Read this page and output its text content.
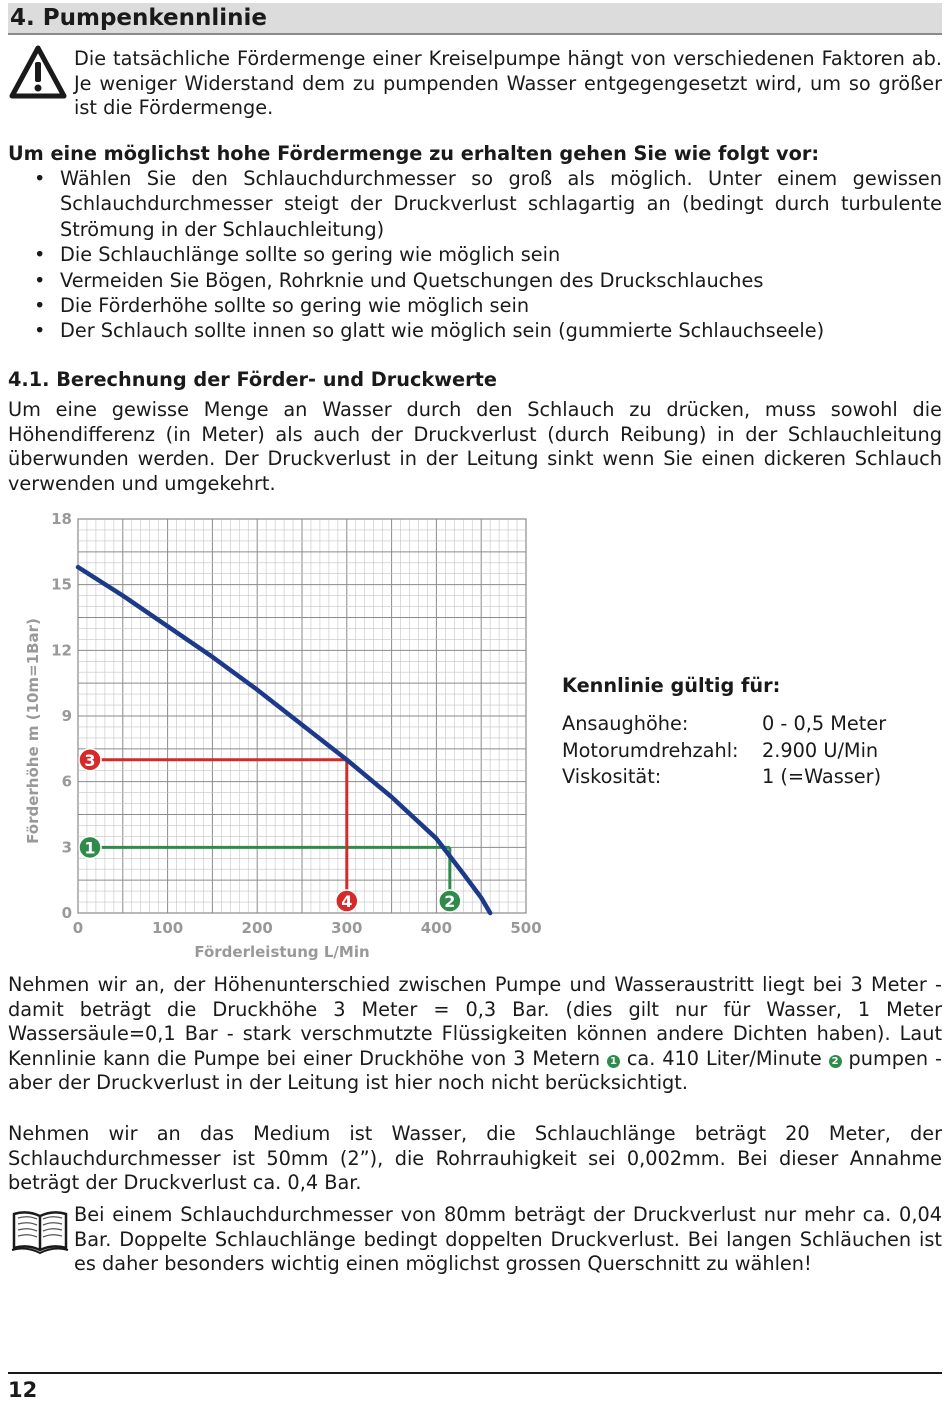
4. Pumpenkennlinie
Die tatsächliche Fördermenge einer Kreiselpumpe hängt von verschiedenen Faktoren ab. Je weniger Widerstand dem zu pumpenden Wasser entgegengesetzt wird, um so größer ist die Fördermenge.
Um eine möglichst hohe Fördermenge zu erhalten gehen Sie wie folgt vor:
• Wählen Sie den Schlauchdurchmesser so groß als möglich. Unter einem gewissen Schlauchdurchmesser steigt der Druckverlust schlagartig an (bedingt durch turbulente Strömung in der Schlauchleitung)
• Die Schlauchlänge sollte so gering wie möglich sein
• Vermeiden Sie Bögen, Rohrknie und Quetschungen des Druckschlauches
• Die Förderhöhe sollte so gering wie möglich sein
• Der Schlauch sollte innen so glatt wie möglich sein (gummierte Schlauchseele)
4.1. Berechnung der Förder- und Druckwerte
Um eine gewisse Menge an Wasser durch den Schlauch zu drücken, muss sowohl die Höhendifferenz (in Meter) als auch der Druckverlust (durch Reibung) in der Schlauchleitung überwunden werden. Der Druckverlust in der Leitung sinkt wenn Sie einen dickeren Schlauch verwenden und umgekehrt.
0
3
6
9
12
15
18
0	100	200	300	400	500
Förderleistung L/Min
Förderhöhe m (10m=1Bar)
1
2
3
4
Kennlinie gültig für:
Ansaughöhe:	0 - 0,5 Meter
Motorumdrehzahl: 2.900 U/Min
Viskosität:	1 (=Wasser)
Nehmen wir an, der Höhenunterschied zwischen Pumpe und Wasseraustritt liegt bei 3 Meter - damit beträgt die Druckhöhe 3 Meter = 0,3 Bar. (dies gilt nur für Wasser, 1 Meter Wassersäule=0,1 Bar - stark verschmutzte Flüssigkeiten können andere Dichten haben). Laut Kennlinie kann die Pumpe bei einer Druckhöhe von 3 Metern 1 ca. 410 Liter/Minute 2 pumpen - aber der Druckverlust in der Leitung ist hier noch nicht berücksichtigt.
Nehmen wir an das Medium ist Wasser, die Schlauchlänge beträgt 20 Meter, der Schlauchdurchmesser ist 50mm (2”), die Rohrrauhigkeit sei 0,002mm. Bei dieser Annahme beträgt der Druckverlust ca. 0,4 Bar.
Bei einem Schlauchdurchmesser von 80mm beträgt der Druckverlust nur mehr ca. 0,04 Bar. Doppelte Schlauchlänge bedingt doppelten Druckverlust. Bei langen Schläuchen ist es daher besonders wichtig einen möglichst grossen Querschnitt zu wählen!
12
